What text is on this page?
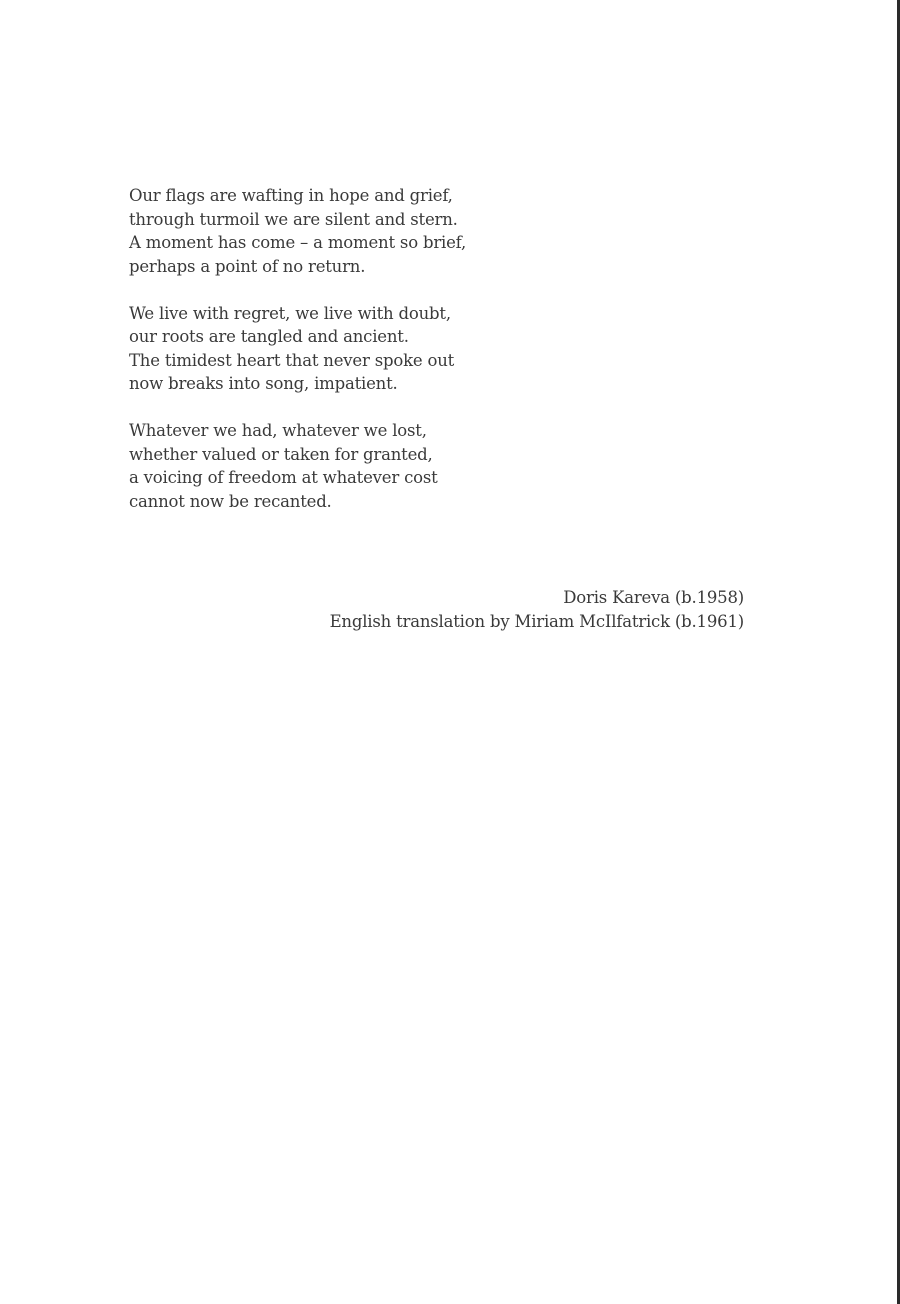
Our flags are wafting in hope and grief,
through turmoil we are silent and stern.
A moment has come – a moment so brief,
perhaps a point of no return.
We live with regret, we live with doubt,
our roots are tangled and ancient.
The timidest heart that never spoke out
now breaks into song, impatient.
Whatever we had, whatever we lost,
whether valued or taken for granted,
a voicing of freedom at whatever cost
cannot now be recanted.
Doris Kareva (b.1958)
English translation by Miriam McIlfatrick (b.1961)
